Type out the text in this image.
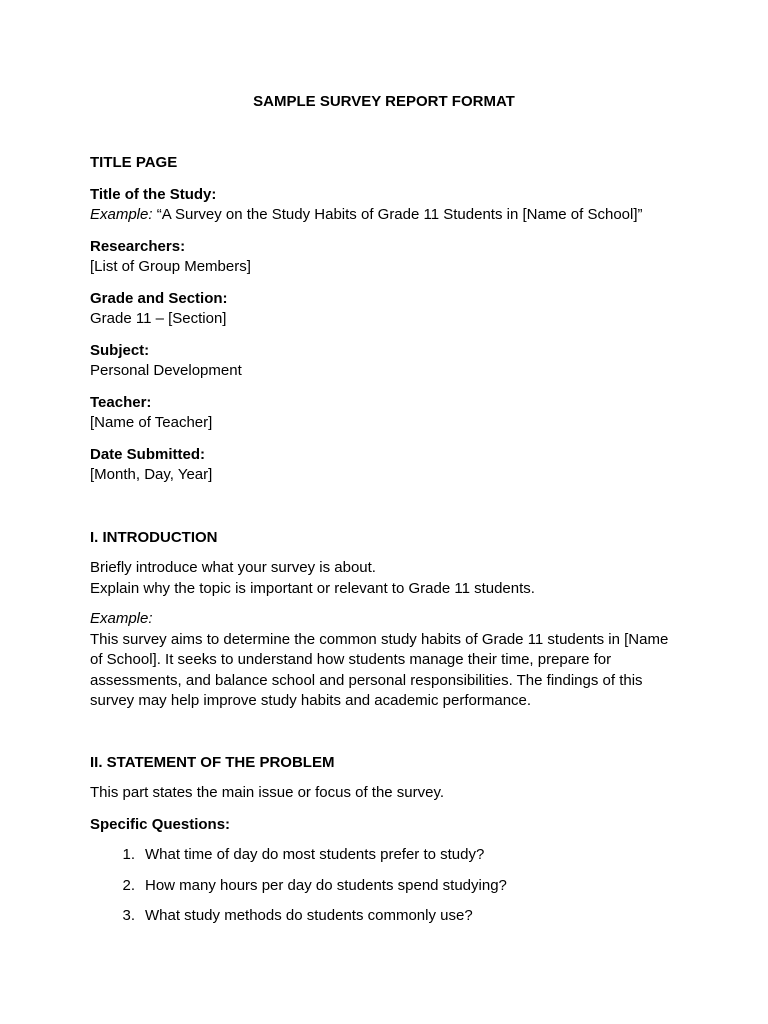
SAMPLE SURVEY REPORT FORMAT
TITLE PAGE
Title of the Study:
Example: “A Survey on the Study Habits of Grade 11 Students in [Name of School]”
Researchers:
[List of Group Members]
Grade and Section:
Grade 11 – [Section]
Subject:
Personal Development
Teacher:
[Name of Teacher]
Date Submitted:
[Month, Day, Year]
I. INTRODUCTION

Briefly introduce what your survey is about.

Explain why the topic is important or relevant to Grade 11 students.

Example:

This survey aims to determine the common study habits of Grade 11 students in [Name of School]. It seeks to understand how students manage their time, prepare for assessments, and balance school and personal responsibilities. The findings of this survey may help improve study habits and academic performance.

II. STATEMENT OF THE PROBLEM

This part states the main issue or focus of the survey.

Specific Questions:

1. What time of day do most students prefer to study?
2. How many hours per day do students spend studying?
3. What study methods do students commonly use?
